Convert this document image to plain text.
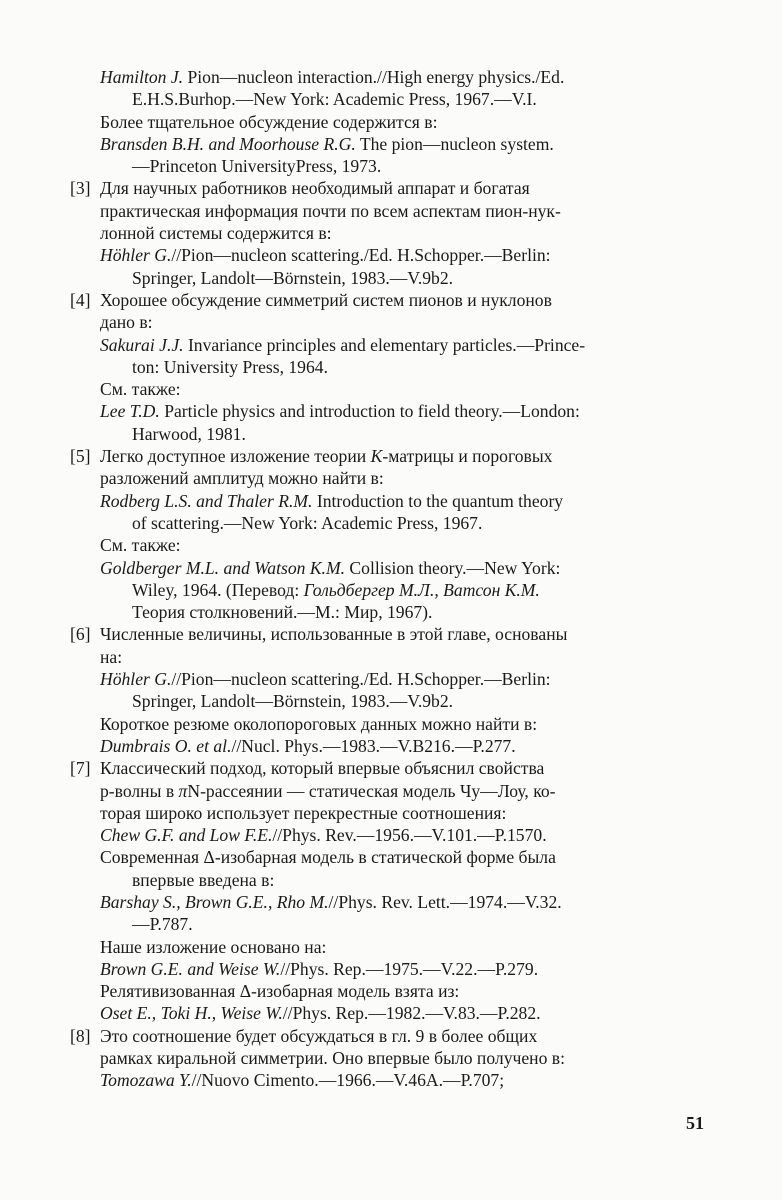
Hamilton J. Pion—nucleon interaction.//High energy physics./Ed.

E.H.S.Burhop.—New York: Academic Press, 1967.—V.I.

Более тщательное обсуждение содержится в:

Bransden B.H. and Moorhouse R.G. The pion—nucleon system.

—Princeton UniversityPress, 1973.

[3] Для научных работников необходимый аппарат и богатая

практическая информация почти по всем аспектам пион-нук-

лонной системы содержится в:

Höhler G.//Pion—nucleon scattering./Ed. H.Schopper.—Berlin:

Springer, Landolt—Börnstein, 1983.—V.9b2.

[4] Хорошее обсуждение симметрий систем пионов и нуклонов

дано в:

Sakurai J.J. Invariance principles and elementary particles.—Prince-

ton: University Press, 1964.

См. также:

Lee T.D. Particle physics and introduction to field theory.—London:

Harwood, 1981.

[5] Легко доступное изложение теории K-матрицы и пороговых

разложений амплитуд можно найти в:

Rodberg L.S. and Thaler R.M. Introduction to the quantum theory

of scattering.—New York: Academic Press, 1967.

См. также:

Goldberger M.L. and Watson K.M. Collision theory.—New York:

Wiley, 1964. (Перевод: Гольдбергер М.Л., Ватсон К.М.

Теория столкновений.—М.: Мир, 1967).

[6] Численные величины, использованные в этой главе, основаны

на:

Höhler G.//Pion—nucleon scattering./Ed. H.Schopper.—Berlin:

Springer, Landolt—Börnstein, 1983.—V.9b2.

Короткое резюме околопороговых данных можно найти в:

Dumbrais O. et al.//Nucl. Phys.—1983.—V.B216.—P.277.

[7] Классический подход, который впервые объяснил свойства

p-волны в πN-рассеянии — статическая модель Чу—Лоу, ко-

торая широко использует перекрестные соотношения:

Chew G.F. and Low F.E.//Phys. Rev.—1956.—V.101.—P.1570.

Современная Δ-изобарная модель в статической форме была

впервые введена в:

Barshay S., Brown G.E., Rho M.//Phys. Rev. Lett.—1974.—V.32.

—P.787.

Наше изложение основано на:

Brown G.E. and Weise W.//Phys. Rep.—1975.—V.22.—P.279.

Релятивизованная Δ-изобарная модель взята из:

Oset E., Toki H., Weise W.//Phys. Rep.—1982.—V.83.—P.282.

[8] Это соотношение будет обсуждаться в гл. 9 в более общих

рамках киральной симметрии. Оно впервые было получено в:

Tomozawa Y.//Nuovo Cimento.—1966.—V.46A.—P.707;

51
